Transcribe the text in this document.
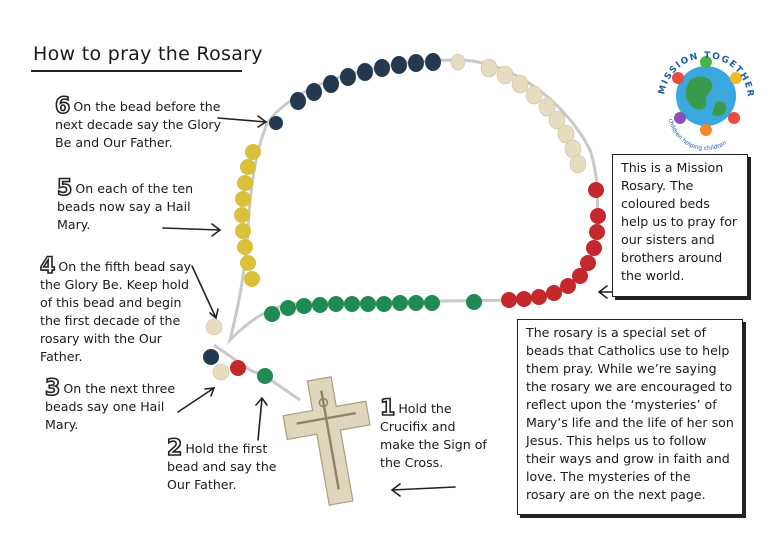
How to pray the Rosary
MISSION TOGETHER
children helping children
6 On the bead before the next decade say the Glory Be and Our Father.
5 On each of the ten beads now say a Hail Mary.
4 On the fifth bead say the Glory Be. Keep hold of this bead and begin the first decade of the rosary with the Our Father.
3 On the next three beads say one Hail Mary.
2 Hold the first bead and say the Our Father.
1 Hold the Crucifix and make the Sign of the Cross.
This is a Mission Rosary. The coloured beds help us to pray for our sisters and brothers around the world.
The rosary is a special set of beads that Catholics use to help them pray. While we’re saying the rosary we are encouraged to reflect upon the ‘mysteries’ of Mary’s life and the life of her son Jesus. This helps us to follow their ways and grow in faith and love. The mysteries of the rosary are on the next page.
